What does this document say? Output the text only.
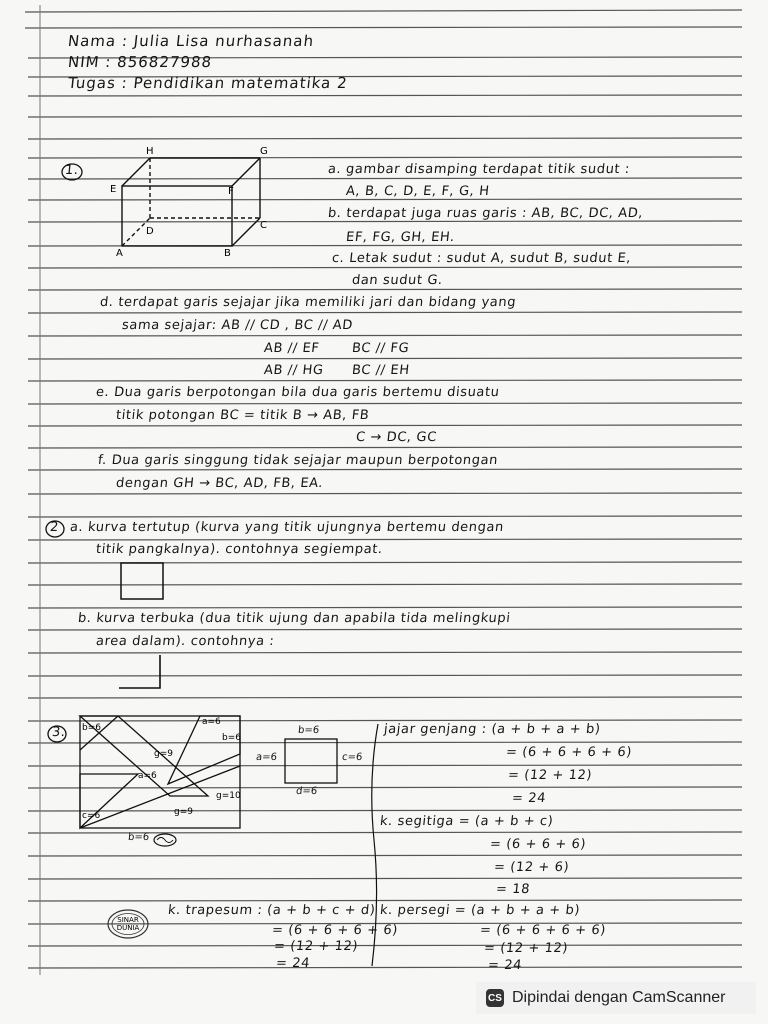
Nama : Julia Lisa nurhasanah
NIM : 856827988
Tugas : Pendidikan matematika 2
1.
H	G
E	F
D
C
A	B
a. gambar disamping terdapat titik sudut :
A, B, C, D, E, F, G, H
b. terdapat juga ruas garis : AB, BC, DC, AD,
EF, FG, GH, EH.
c. Letak sudut : sudut A, sudut B, sudut E,
dan sudut G.
d. terdapat garis sejajar jika memiliki jari dan bidang yang
sama sejajar: AB // CD , BC // AD
AB // EF BC // FG
AB // HG BC // EH
e. Dua garis berpotongan bila dua garis bertemu disuatu
titik potongan BC = titik B → AB, FB
C → DC, GC
f. Dua garis singgung tidak sejajar maupun berpotongan
dengan GH → BC, AD, FB, EA.
2 a. kurva tertutup (kurva yang titik ujungnya bertemu dengan
titik pangkalnya). contohnya segiempat.
b. kurva terbuka (dua titik ujung dan apabila tida melingkupi
area dalam). contohnya :
3. b=6
g=9
a=6
b=6
a=6
g=9
g=10
c=6
b=6
b=6
a=6	c=6
d=6
jajar genjang : (a + b + a + b)
= (6 + 6 + 6 + 6)
= (12 + 12)
= 24
k. segitiga = (a + b + c)
= (6 + 6 + 6)
= (12 + 6)
= 18
SINAR
DUNIA
k. trapesum : (a + b + c + d)
= (6 + 6 + 6 + 6)
= (12 + 12)
= 24
k. persegi = (a + b + a + b)
= (6 + 6 + 6 + 6)
= (12 + 12)
= 24
CS Dipindai dengan CamScanner
